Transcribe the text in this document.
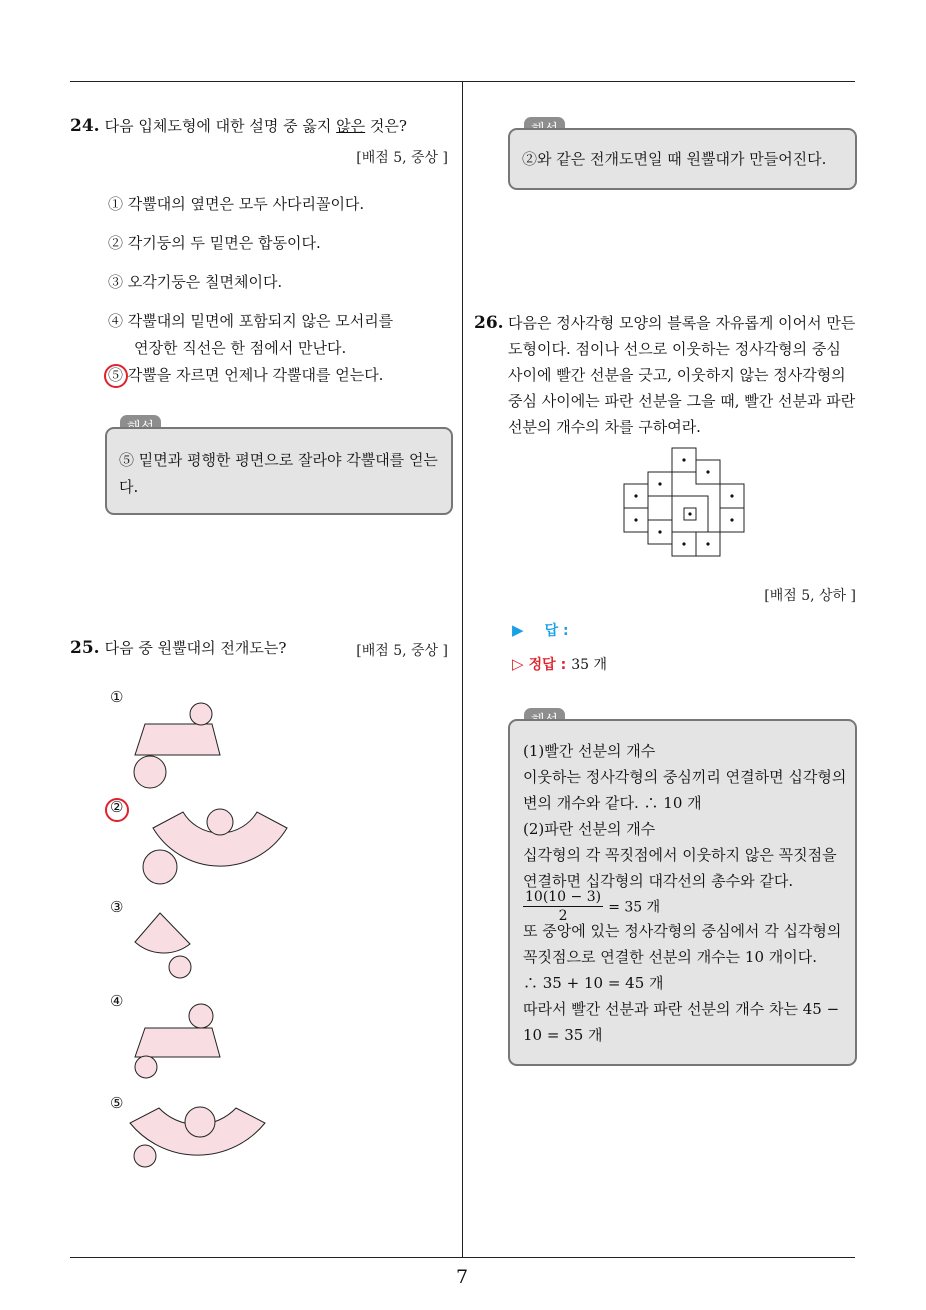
24. 다음 입체도형에 대한 설명 중 옳지 않은 것은?
[배점 5, 중상 ]
① 각뿔대의 옆면은 모두 사다리꼴이다.
② 각기둥의 두 밑면은 합동이다.
③ 오각기둥은 칠면체이다.
④ 각뿔대의 밑면에 포함되지 않은 모서리를
연장한 직선은 한 점에서 만난다.
⑤ 각뿔을 자르면 언제나 각뿔대를 얻는다.
⑤ 밑면과 평행한 평면으로 잘라야 각뿔대를 얻는
다.
25. 다음 중 원뿔대의 전개도는?	[배점 5, 중상 ]
①
②
③
④
⑤
②와 같은 전개도면일 때 원뿔대가 만들어진다.
26. 다음은 정사각형 모양의 블록을 자유롭게 이어서 만든
도형이다. 점이나 선으로 이웃하는 정사각형의 중심
사이에 빨간 선분을 긋고, 이웃하지 않는 정사각형의
중심 사이에는 파란 선분을 그을 때, 빨간 선분과 파란
선분의 개수의 차를 구하여라.
[배점 5, 상하 ]
▶ 답 :
▷ 정답 : 35 개
(1)빨간 선분의 개수
이웃하는 정사각형의 중심끼리 연결하면 십각형의
변의 개수와 같다. ∴ 10 개
(2)파란 선분의 개수
십각형의 각 꼭짓점에서 이웃하지 않은 꼭짓점을
연결하면 십각형의 대각선의 총수와 같다.
$\frac{10(10 - 3)}{2} = 35$ 개
또 중앙에 있는 정사각형의 중심에서 각 십각형의
꼭짓점으로 연결한 선분의 개수는 10 개이다.
∴ 35 + 10 = 45 개
따라서 빨간 선분과 파란 선분의 개수 차는 45 −
10 = 35 개
7
